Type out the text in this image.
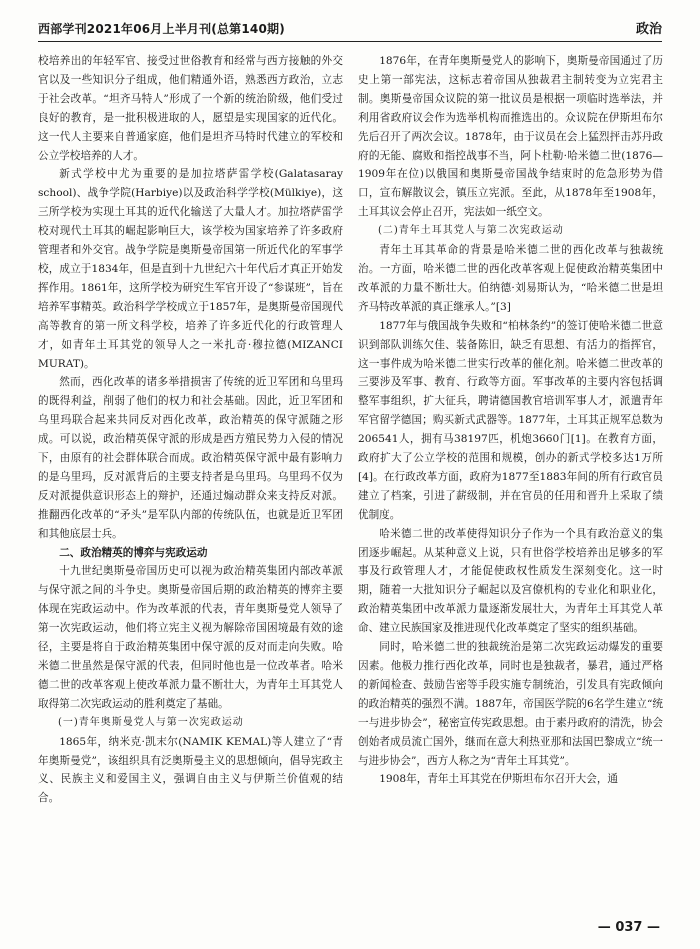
西部学刊2021年06月上半月刊(总第140期)	政治

校培养出的年轻军官、接受过世俗教育和经常与西方接触的外交官以及一些知识分子组成，他们精通外语，熟悉西方政治，立志于社会改革。“坦齐马特人”形成了一个新的统治阶级，他们受过良好的教育，是一批积极进取的人，愿望是实现国家的近代化。这一代人主要来自普通家庭，他们是坦齐马特时代建立的军校和公立学校培养的人才。

新式学校中尤为重要的是加拉塔萨雷学校(Galatasaray school)、战争学院(Harbiye)以及政治科学学校(Mülkiye)，这三所学校为实现土耳其的近代化输送了大量人才。加拉塔萨雷学校对现代土耳其的崛起影响巨大，该学校为国家培养了许多政府管理者和外交官。战争学院是奥斯曼帝国第一所近代化的军事学校，成立于1834年，但是直到十九世纪六十年代后才真正开始发挥作用。1861年，这所学校为研究生军官开设了“参谋班”，旨在培养军事精英。政治科学学校成立于1857年，是奥斯曼帝国现代高等教育的第一所文科学校，培养了许多近代化的行政管理人才，如青年土耳其党的领导人之一米扎奇·穆拉德(MIZANCI MURAT)。

然而，西化改革的诸多举措损害了传统的近卫军团和乌里玛的既得利益，削弱了他们的权力和社会基础。因此，近卫军团和乌里玛联合起来共同反对西化改革，政治精英的保守派随之形成。可以说，政治精英保守派的形成是西方殖民势力入侵的情况下，由原有的社会群体联合而成。政治精英保守派中最有影响力的是乌里玛，反对派背后的主要支持者是乌里玛。乌里玛不仅为反对派提供意识形态上的辩护，还通过煽动群众来支持反对派。推翻西化改革的“矛头”是军队内部的传统队伍，也就是近卫军团和其他底层士兵。

二、政治精英的博弈与宪政运动

十九世纪奥斯曼帝国历史可以视为政治精英集团内部改革派与保守派之间的斗争史。奥斯曼帝国后期的政治精英的博弈主要体现在宪政运动中。作为改革派的代表，青年奥斯曼党人领导了第一次宪政运动，他们将立宪主义视为解除帝国困境最有效的途径，主要是将自于政治精英集团中保守派的反对而走向失败。哈米德二世虽然是保守派的代表，但同时他也是一位改革者。哈米德二世的改革客观上使改革派力量不断壮大，为青年土耳其党人取得第二次宪政运动的胜利奠定了基础。

(一)青年奥斯曼党人与第一次宪政运动

1865年，纳米克·凯末尔(NAMIK KEMAL)等人建立了“青年奥斯曼党”，该组织具有泛奥斯曼主义的思想倾向，倡导宪政主义、民族主义和爱国主义，强调自由主义与伊斯兰价值观的结合。

1876年，在青年奥斯曼党人的影响下，奥斯曼帝国通过了历史上第一部宪法，这标志着帝国从独裁君主制转变为立宪君主制。奥斯曼帝国众议院的第一批议员是根据一项临时选举法，并利用省政府议会作为选举机构而推选出的。众议院在伊斯坦布尔先后召开了两次会议。1878年，由于议员在会上猛烈抨击苏丹政府的无能、腐败和指控战事不当，阿卜杜勒·哈米德二世(1876—1909年在位)以俄国和奥斯曼帝国战争结束时的危急形势为借口，宣布解散议会，镇压立宪派。至此，从1878年至1908年，土耳其议会停止召开，宪法如一纸空文。

(二)青年土耳其党人与第二次宪政运动

青年土耳其革命的背景是哈米德二世的西化改革与独裁统治。一方面，哈米德二世的西化改革客观上促使政治精英集团中改革派的力量不断壮大。伯纳德·刘易斯认为，“哈米德二世是坦齐马特改革派的真正继承人。”[3]

1877年与俄国战争失败和“柏林条约”的签订使哈米德二世意识到部队训练欠佳、装备陈旧，缺乏有思想、有活力的指挥官，这一事件成为哈米德二世实行改革的催化剂。哈米德二世改革的三要涉及军事、教育、行政等方面。军事改革的主要内容包括调整军事组织，扩大征兵，聘请德国教官培训军事人才，派遣青年军官留学德国；购买新式武器等。1877年，土耳其正规军总数为206541人，拥有马38197匹，机炮3660门[1]。在教育方面，政府扩大了公立学校的范围和规模，创办的新式学校多达1万所[4]。在行政改革方面，政府为1877至1883年间的所有行政官员建立了档案，引进了薪级制，并在官员的任用和晋升上采取了绩优制度。

哈米德二世的改革使得知识分子作为一个具有政治意义的集团逐步崛起。从某种意义上说，只有世俗学校培养出足够多的军事及行政管理人才，才能促使政权性质发生深刻变化。这一时期，随着一大批知识分子崛起以及宫僚机构的专业化和职业化，政治精英集团中改革派力量逐渐发展壮大，为青年土耳其党人革命、建立民族国家及推进现代化改革奠定了坚实的组织基础。

同时，哈米德二世的独裁统治是第二次宪政运动爆发的重要因素。他极力推行西化改革，同时也是独裁者，暴君，通过严格的新闻检查、鼓励告密等手段实施专制统治，引发具有宪政倾向的政治精英的强烈不满。1887年，帝国医学院的6名学生建立“统一与进步协会”，秘密宣传宪政思想。由于素丹政府的清洗，协会创始者成员流亡国外，继而在意大利热亚那和法国巴黎成立“统一与进步协会”，西方人称之为“青年土耳其党”。

1908年，青年土耳其党在伊斯坦布尔召开大会，通

— 037 —
